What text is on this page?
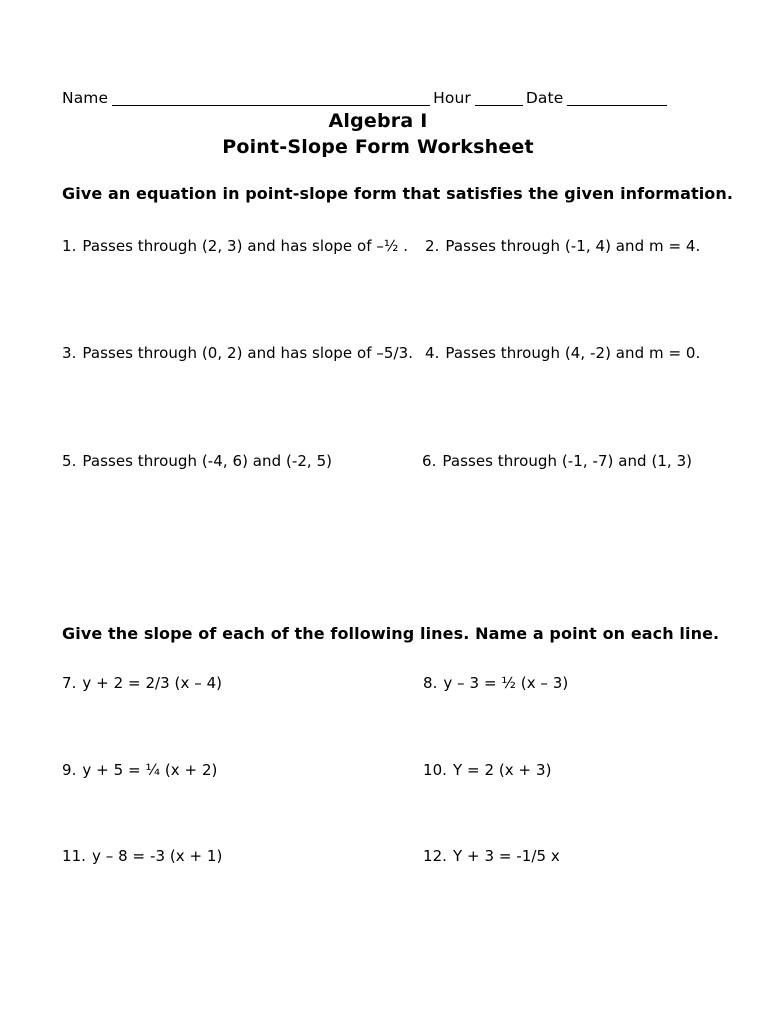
Name	Hour	Date
Algebra I
Point-Slope Form Worksheet
Give an equation in point-slope form that satisfies the given information.
1. Passes through (2, 3) and has slope of –½ . 2. Passes through (-1, 4) and m = 4.
3. Passes through (0, 2) and has slope of –5/3. 4. Passes through (4, -2) and m = 0.
5. Passes through (-4, 6) and (-2, 5)	6. Passes through (-1, -7) and (1, 3)
Give the slope of each of the following lines. Name a point on each line.
7. y + 2 = 2/3 (x – 4)	8. y – 3 = ½ (x – 3)
9. y + 5 = ¼ (x + 2)	10. Y = 2 (x + 3)
11. y – 8 = -3 (x + 1)	12. Y + 3 = -1/5 x
